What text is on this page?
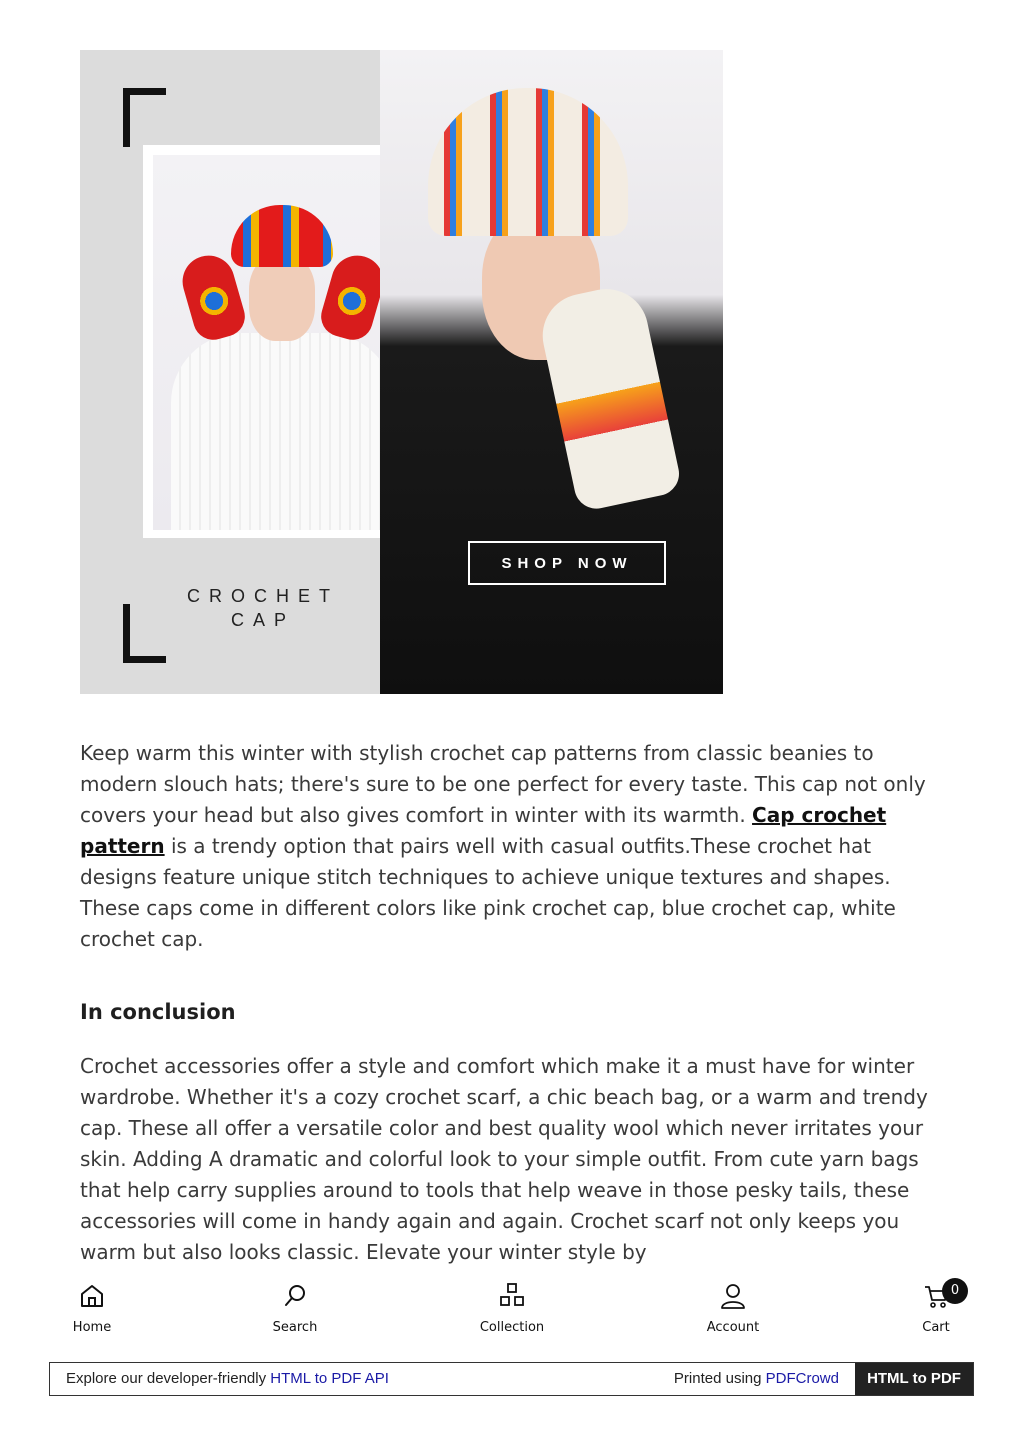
CROCHET
CAP
SHOP NOW

Keep warm this winter with stylish crochet cap patterns from classic beanies to modern slouch hats; there's sure to be one perfect for every taste. This cap not only covers your head but also gives comfort in winter with its warmth. Cap crochet pattern is a trendy option that pairs well with casual outfits.These crochet hat designs feature unique stitch techniques to achieve unique textures and shapes. These caps come in different colors like pink crochet cap, blue crochet cap, white crochet cap.

In conclusion

Crochet accessories offer a style and comfort which make it a must have for winter wardrobe. Whether it's a cozy crochet scarf, a chic beach bag, or a warm and trendy cap. These all offer a versatile color and best quality wool which never irritates your skin. Adding A dramatic and colorful look to your simple outfit. From cute yarn bags that help carry supplies around to tools that help weave in those pesky tails, these accessories will come in handy again and again. Crochet scarf not only keeps you warm but also looks classic. Elevate your winter style by

Home	Search	Collection	Account
0
Cart
Explore our developer-friendly HTML to PDF API	Printed using PDFCrowd	HTML to PDF
